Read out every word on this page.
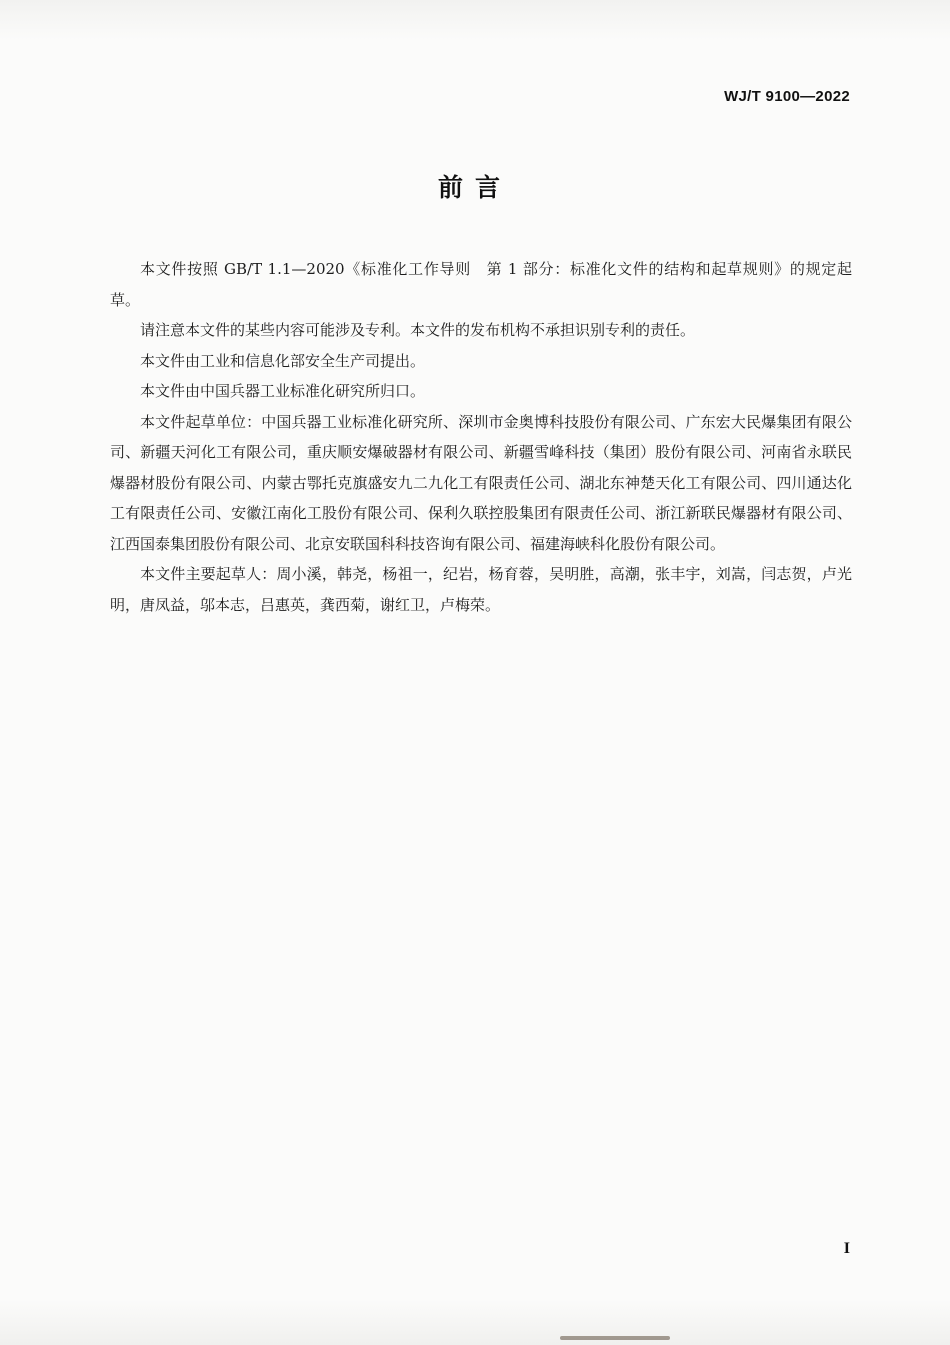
WJ/T 9100—2022
前言

本文件按照 GB/T 1.1—2020《标准化工作导则　第 1 部分：标准化文件的结构和起草规则》的规定起草。

请注意本文件的某些内容可能涉及专利。本文件的发布机构不承担识别专利的责任。

本文件由工业和信息化部安全生产司提出。

本文件由中国兵器工业标准化研究所归口。

本文件起草单位：中国兵器工业标准化研究所、深圳市金奥博科技股份有限公司、广东宏大民爆集团有限公司、新疆天河化工有限公司，重庆顺安爆破器材有限公司、新疆雪峰科技（集团）股份有限公司、河南省永联民爆器材股份有限公司、内蒙古鄂托克旗盛安九二九化工有限责任公司、湖北东神楚天化工有限公司、四川通达化工有限责任公司、安徽江南化工股份有限公司、保利久联控股集团有限责任公司、浙江新联民爆器材有限公司、江西国泰集团股份有限公司、北京安联国科科技咨询有限公司、福建海峡科化股份有限公司。

本文件主要起草人：周小溪，韩尧，杨祖一，纪岩，杨育蓉，吴明胜，高潮，张丰宇，刘嵩，闫志贺，卢光明，唐凤益，邬本志，吕惠英，龚西菊，谢红卫，卢梅荣。

I
